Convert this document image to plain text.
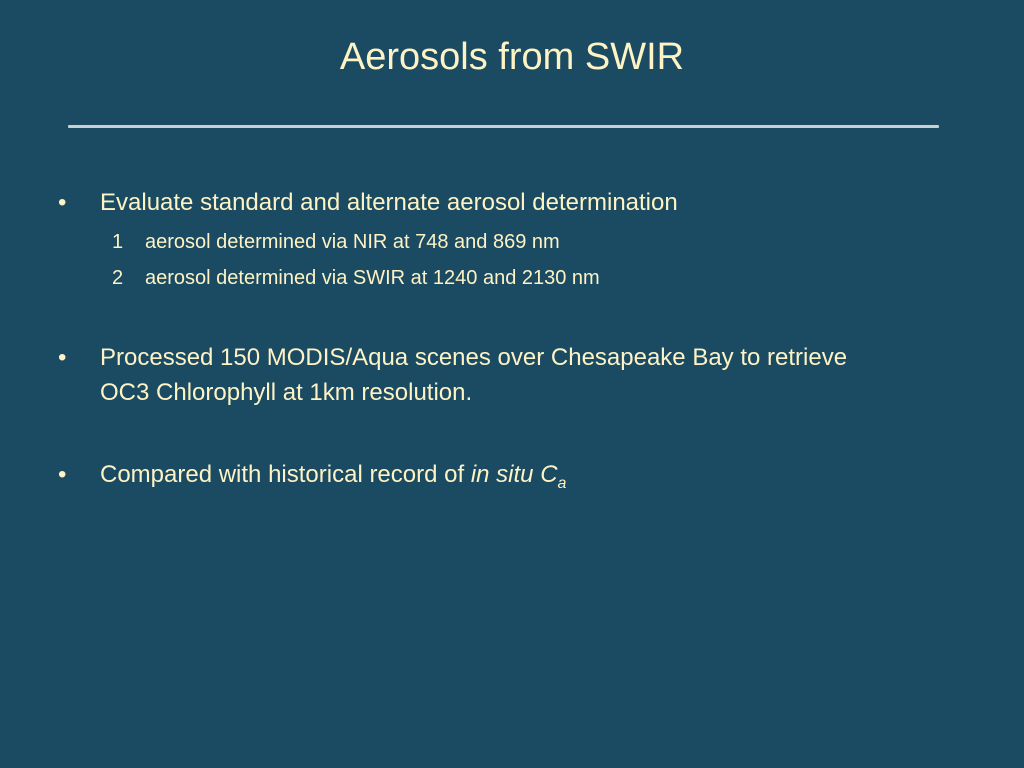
Aerosols from SWIR
•	Evaluate standard and alternate aerosol determination
1 aerosol determined via NIR at 748 and 869 nm
2 aerosol determined via SWIR at 1240 and 2130 nm
•	Processed 150 MODIS/Aqua scenes over Chesapeake Bay to retrieve OC3 Chlorophyll at 1km resolution.
•	Compared with historical record of in situ $C_a$
